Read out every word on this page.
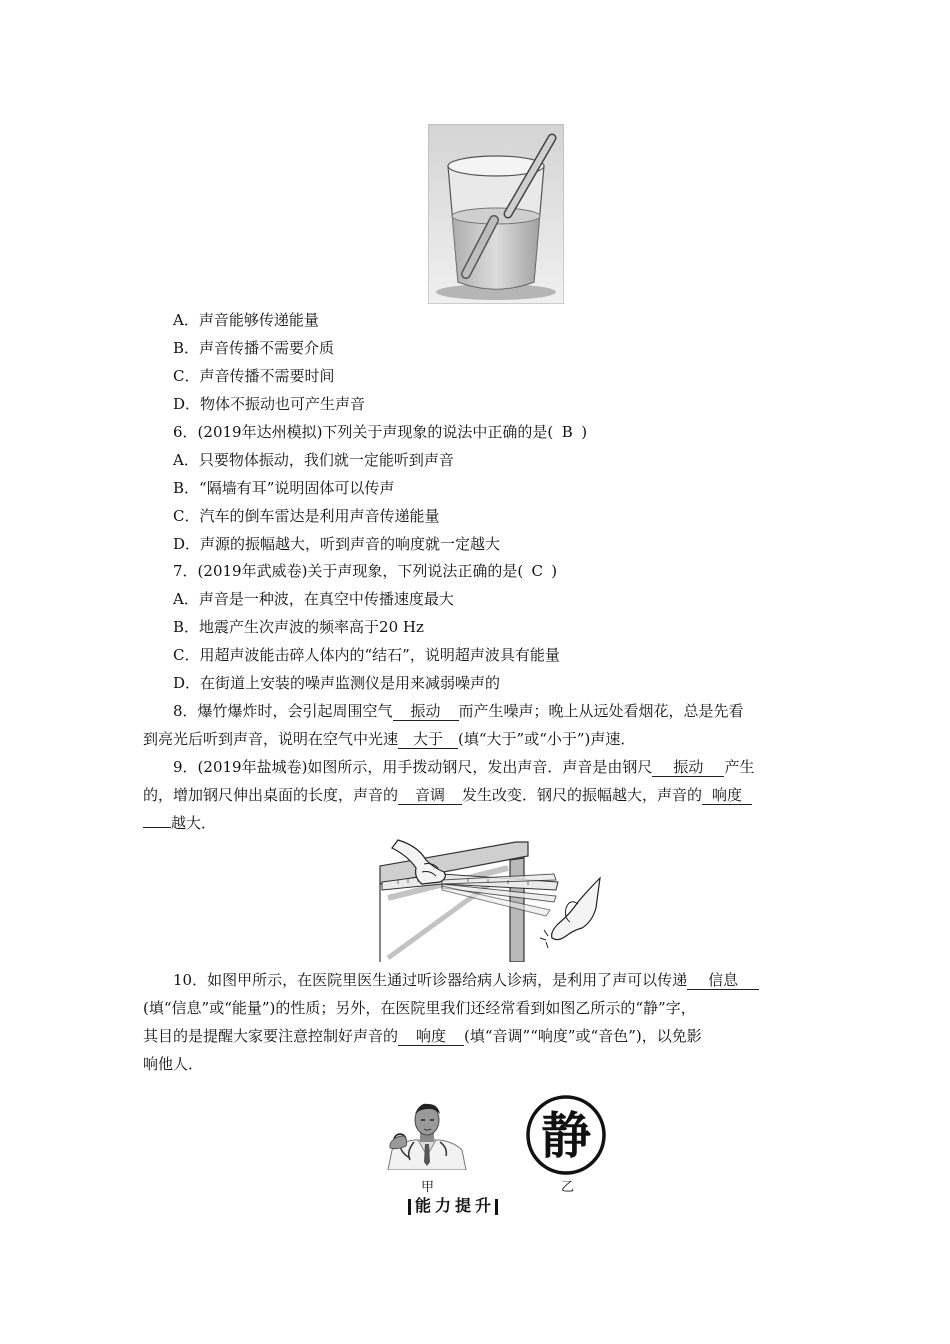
A．声音能够传递能量
B．声音传播不需要介质
C．声音传播不需要时间
D．物体不振动也可产生声音
6．(2019年达州模拟)下列关于声现象的说法中正确的是( B )
A．只要物体振动，我们就一定能听到声音
B．“隔墙有耳”说明固体可以传声
C．汽车的倒车雷达是利用声音传递能量
D．声源的振幅越大，听到声音的响度就一定越大
7．(2019年武威卷)关于声现象，下列说法正确的是( C )
A．声音是一种波，在真空中传播速度最大
B．地震产生次声波的频率高于20 Hz
C．用超声波能击碎人体内的“结石”，说明超声波具有能量
D．在街道上安装的噪声监测仪是用来减弱噪声的
8．爆竹爆炸时，会引起周围空气 振动 而产生噪声；晚上从远处看烟花，总是先看
到亮光后听到声音，说明在空气中光速 大于 (填“大于”或“小于”)声速．
9．(2019年盐城卷)如图所示，用手拨动钢尺，发出声音．声音是由钢尺 振动 产生
的，增加钢尺伸出桌面的长度，声音的 音调 发生改变．钢尺的振幅越大，声音的 响度
越大．
10．如图甲所示，在医院里医生通过听诊器给病人诊病，是利用了声可以传递 信息
(填“信息”或“能量”)的性质；另外，在医院里我们还经常看到如图乙所示的“静”字，
其目的是提醒大家要注意控制好声音的 响度 (填“音调”“响度”或“音色”)，以免影
响他人．
静
甲	乙
能力提升
